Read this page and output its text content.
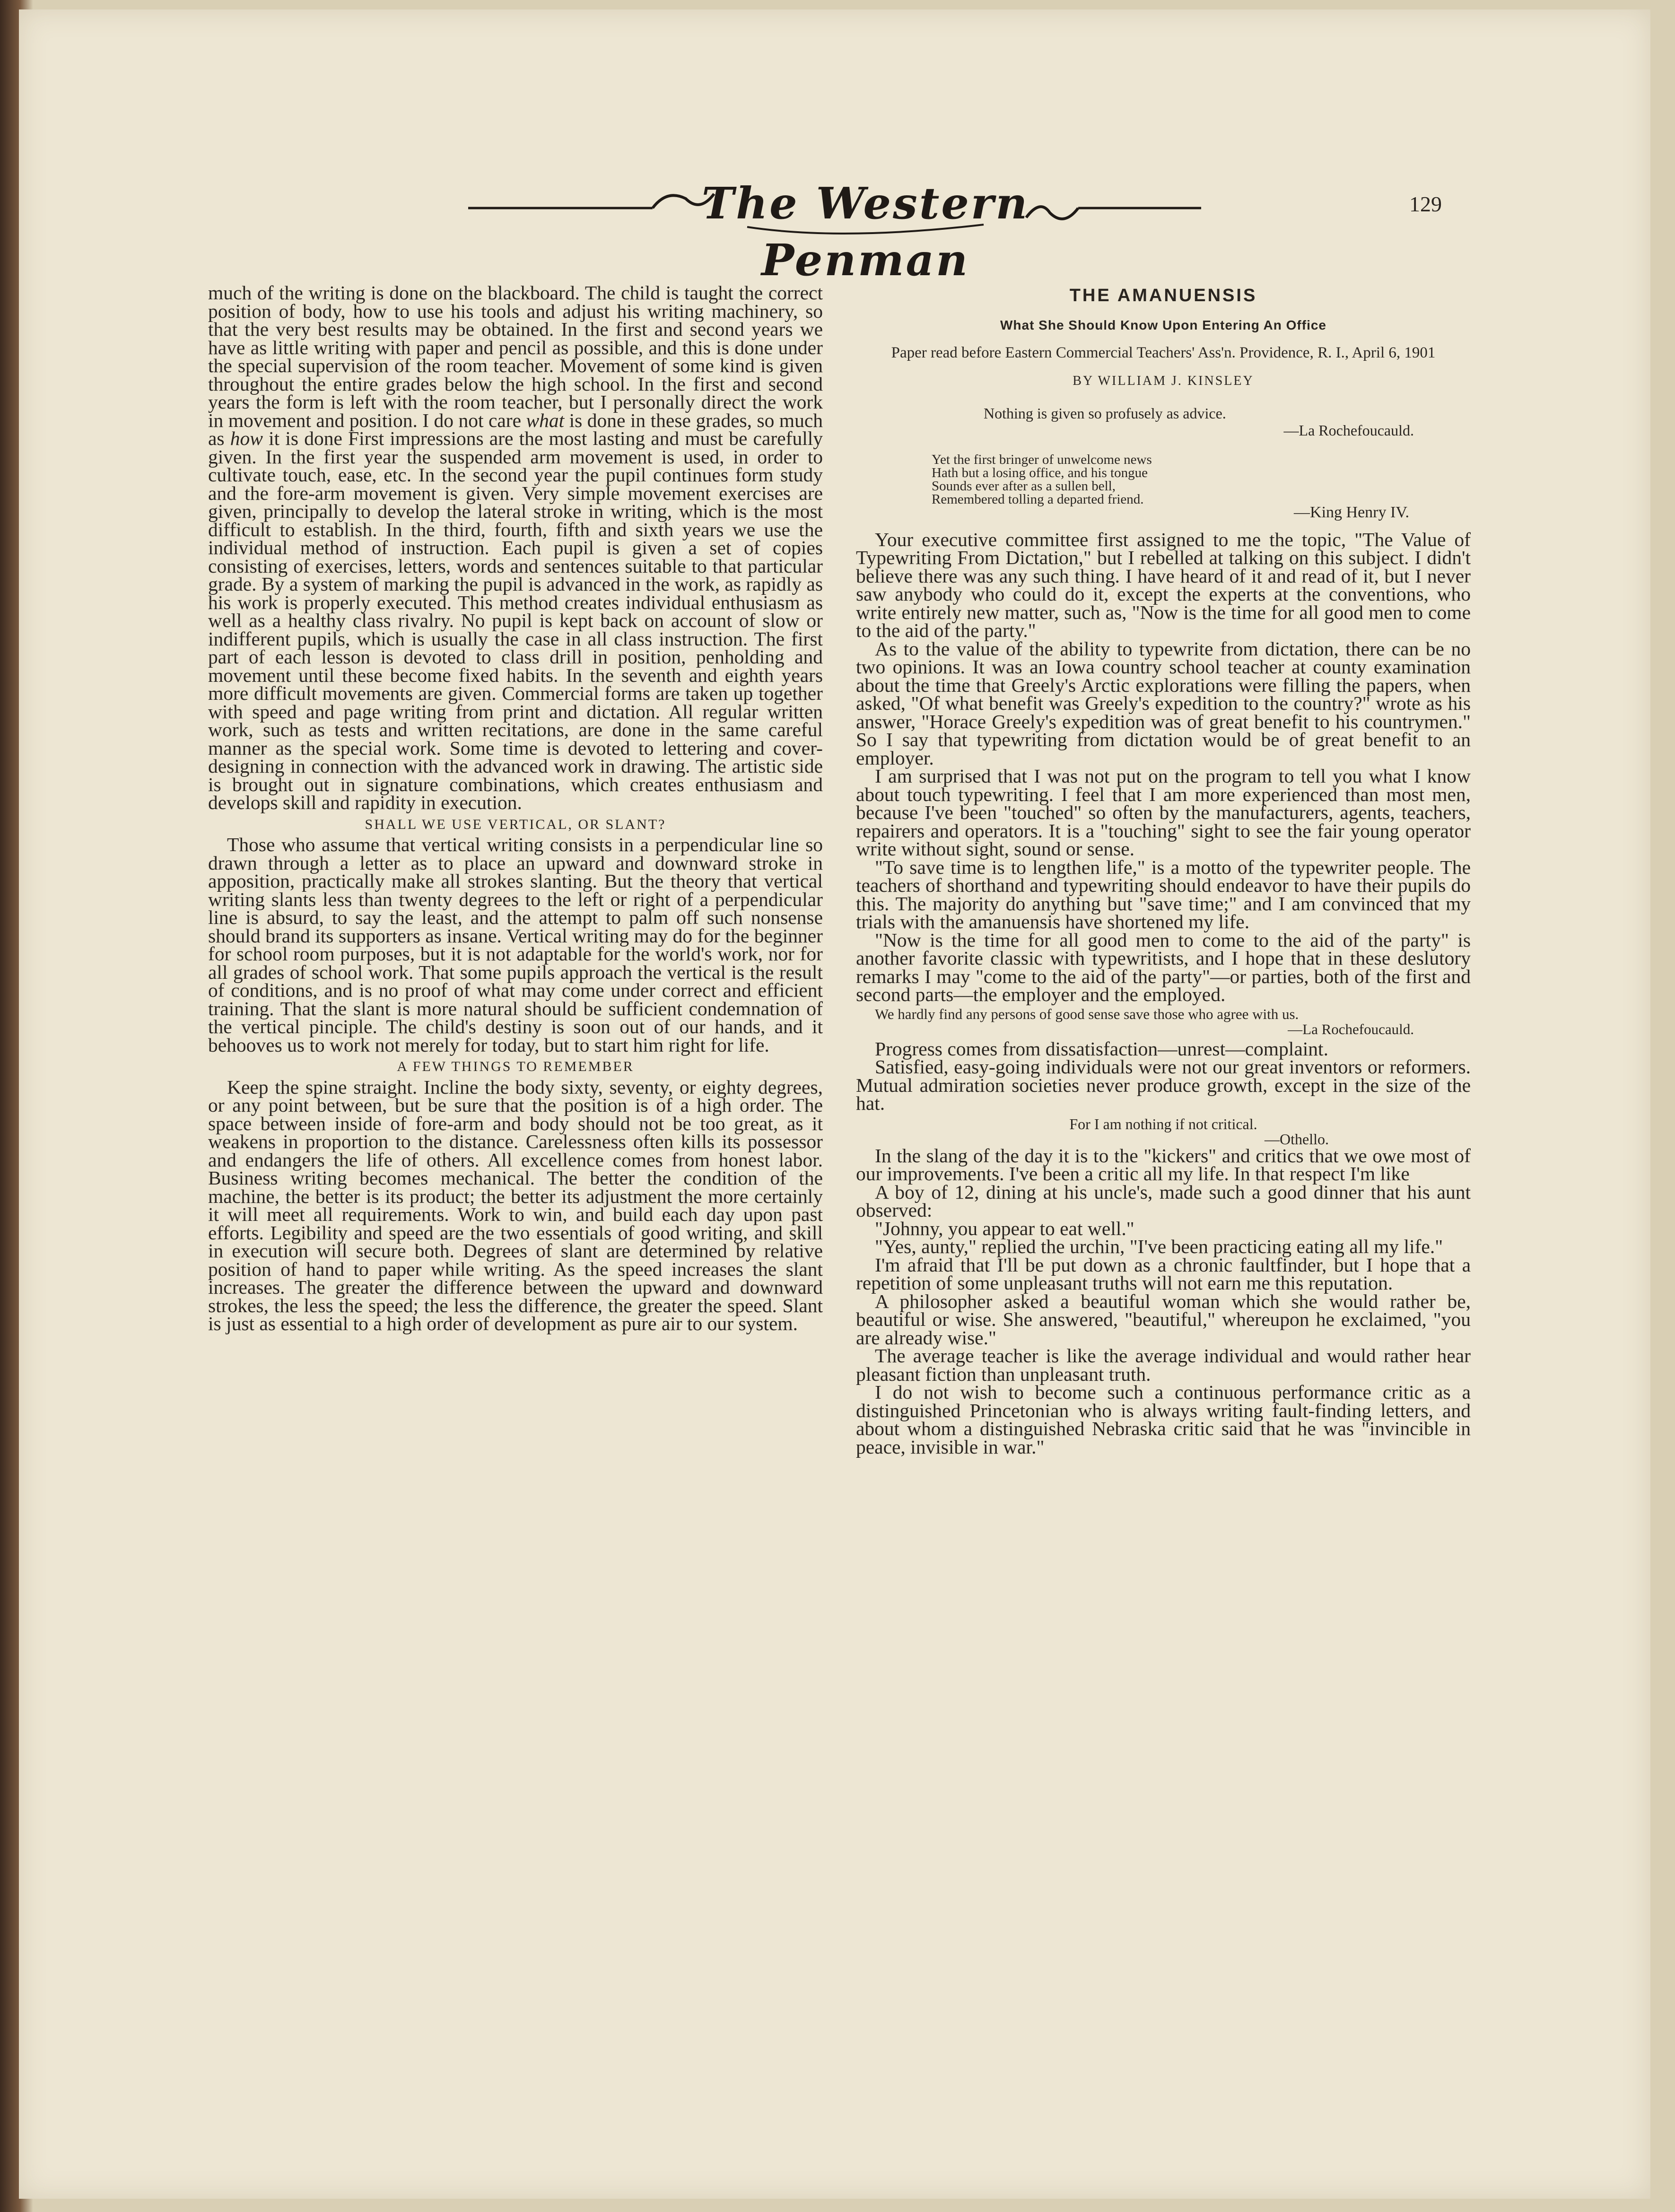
The Western Penman
129

much of the writing is done on the blackboard. The child is taught the correct position of body, how to use his tools and adjust his writing machinery, so that the very best results may be obtained. In the first and second years we have as little writing with paper and pencil as possible, and this is done under the special supervision of the room teacher. Movement of some kind is given throughout the entire grades below the high school. In the first and second years the form is left with the room teacher, but I personally direct the work in movement and position. I do not care what is done in these grades, so much as how it is done First impressions are the most lasting and must be carefully given. In the first year the suspended arm movement is used, in order to cultivate touch, ease, etc. In the second year the pupil continues form study and the fore-arm movement is given. Very simple movement exercises are given, principally to develop the lateral stroke in writing, which is the most difficult to establish. In the third, fourth, fifth and sixth years we use the individual method of instruction. Each pupil is given a set of copies consisting of exercises, letters, words and sentences suitable to that particular grade. By a system of marking the pupil is advanced in the work, as rapidly as his work is properly executed. This method creates individual enthusiasm as well as a healthy class rivalry. No pupil is kept back on account of slow or indifferent pupils, which is usually the case in all class instruction. The first part of each lesson is devoted to class drill in position, penholding and movement until these become fixed habits. In the seventh and eighth years more difficult movements are given. Commercial forms are taken up together with speed and page writing from print and dictation. All regular written work, such as tests and written recitations, are done in the same careful manner as the special work. Some time is devoted to lettering and cover-designing in connection with the advanced work in drawing. The artistic side is brought out in signature combinations, which creates enthusiasm and develops skill and rapidity in execution.

SHALL WE USE VERTICAL, OR SLANT?

Those who assume that vertical writing consists in a perpendicular line so drawn through a letter as to place an upward and downward stroke in apposition, practically make all strokes slanting. But the theory that vertical writing slants less than twenty degrees to the left or right of a perpendicular line is absurd, to say the least, and the attempt to palm off such nonsense should brand its supporters as insane. Vertical writing may do for the beginner for school room purposes, but it is not adaptable for the world's work, nor for all grades of school work. That some pupils approach the vertical is the result of conditions, and is no proof of what may come under correct and efficient training. That the slant is more natural should be sufficient condemnation of the vertical pinciple. The child's destiny is soon out of our hands, and it behooves us to work not merely for today, but to start him right for life.

A FEW THINGS TO REMEMBER

Keep the spine straight. Incline the body sixty, seventy, or eighty degrees, or any point between, but be sure that the position is of a high order. The space between inside of fore-arm and body should not be too great, as it weakens in proportion to the distance. Carelessness often kills its possessor and endangers the life of others. All excellence comes from honest labor. Business writing becomes mechanical. The better the condition of the machine, the better is its product; the better its adjustment the more certainly it will meet all requirements. Work to win, and build each day upon past efforts. Legibility and speed are the two essentials of good writing, and skill in execution will secure both. Degrees of slant are determined by relative position of hand to paper while writing. As the speed increases the slant increases. The greater the difference between the upward and downward strokes, the less the speed; the less the difference, the greater the speed. Slant is just as essential to a high order of development as pure air to our system.

THE AMANUENSIS
What She Should Know Upon Entering An Office
Paper read before Eastern Commercial Teachers' Ass'n. Providence, R. I., April 6, 1901
BY WILLIAM J. KINSLEY
Nothing is given so profusely as advice.
—La Rochefoucauld.
Yet the first bringer of unwelcome news
Hath but a losing office, and his tongue
Sounds ever after as a sullen bell,
Remembered tolling a departed friend.
—King Henry IV.

Your executive committee first assigned to me the topic, "The Value of Typewriting From Dictation," but I rebelled at talking on this subject. I didn't believe there was any such thing. I have heard of it and read of it, but I never saw anybody who could do it, except the experts at the conventions, who write entirely new matter, such as, "Now is the time for all good men to come to the aid of the party."

As to the value of the ability to typewrite from dictation, there can be no two opinions. It was an Iowa country school teacher at county examination about the time that Greely's Arctic explorations were filling the papers, when asked, "Of what benefit was Greely's expedition to the country?" wrote as his answer, "Horace Greely's expedition was of great benefit to his countrymen." So I say that typewriting from dictation would be of great benefit to an employer.

I am surprised that I was not put on the program to tell you what I know about touch typewriting. I feel that I am more experienced than most men, because I've been "touched" so often by the manufacturers, agents, teachers, repairers and operators. It is a "touching" sight to see the fair young operator write without sight, sound or sense.

"To save time is to lengthen life," is a motto of the typewriter people. The teachers of shorthand and typewriting should endeavor to have their pupils do this. The majority do anything but "save time;" and I am convinced that my trials with the amanuensis have shortened my life.

"Now is the time for all good men to come to the aid of the party" is another favorite classic with typewritists, and I hope that in these deslutory remarks I may "come to the aid of the party"—or parties, both of the first and second parts—the employer and the employed.

We hardly find any persons of good sense save those who agree with us.
—La Rochefoucauld.

Progress comes from dissatisfaction—unrest—complaint.

Satisfied, easy-going individuals were not our great inventors or reformers. Mutual admiration societies never produce growth, except in the size of the hat.

For I am nothing if not critical.
—Othello.

In the slang of the day it is to the "kickers" and critics that we owe most of our improvements. I've been a critic all my life. In that respect I'm like

A boy of 12, dining at his uncle's, made such a good dinner that his aunt observed:

"Johnny, you appear to eat well."

"Yes, aunty," replied the urchin, "I've been practicing eating all my life."

I'm afraid that I'll be put down as a chronic faultfinder, but I hope that a repetition of some unpleasant truths will not earn me this reputation.

A philosopher asked a beautiful woman which she would rather be, beautiful or wise. She answered, "beautiful," whereupon he exclaimed, "you are already wise."

The average teacher is like the average individual and would rather hear pleasant fiction than unpleasant truth.

I do not wish to become such a continuous performance critic as a distinguished Princetonian who is always writing fault-finding letters, and about whom a distinguished Nebraska critic said that he was "invincible in peace, invisible in war."
